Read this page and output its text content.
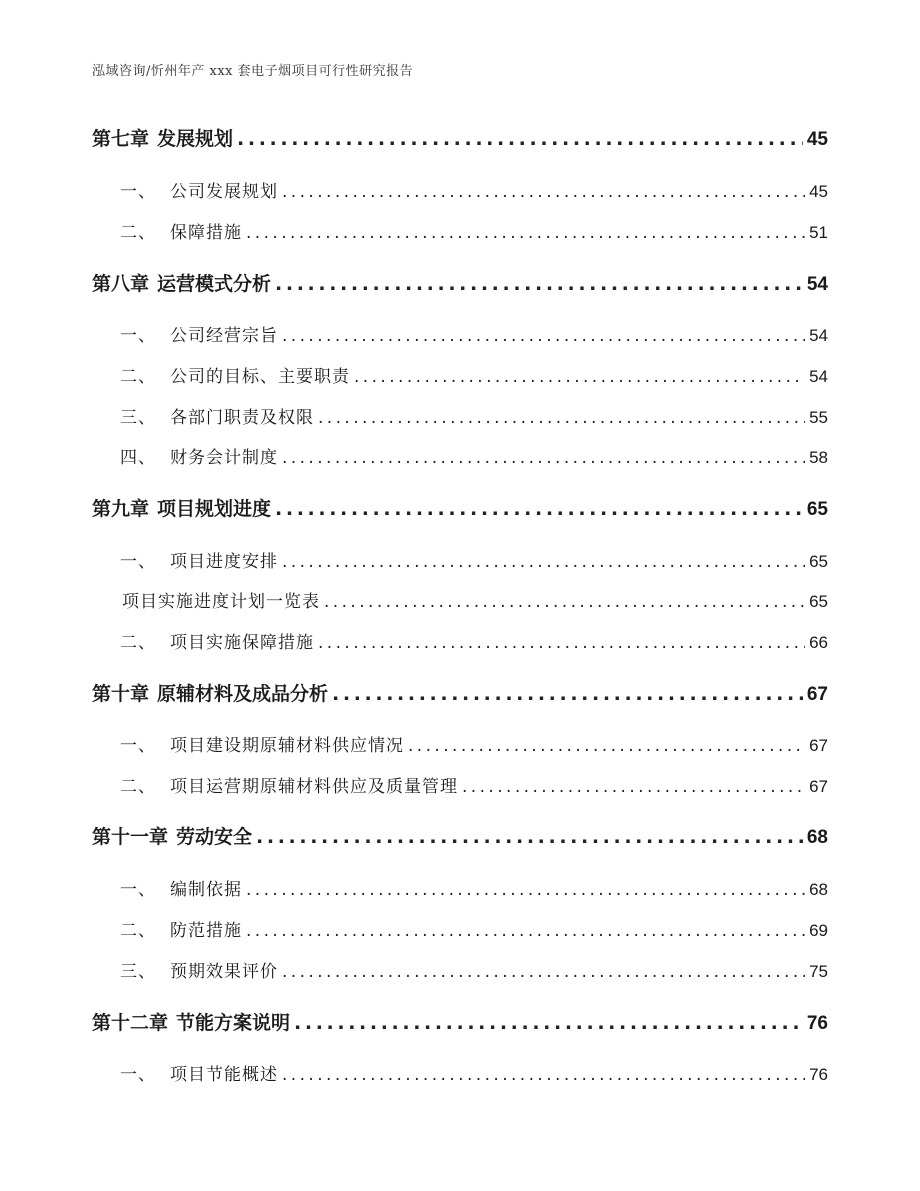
泓域咨询/忻州年产 xxx 套电子烟项目可行性研究报告
第七章 发展规划 . . .	45
一、 公司发展规划 . . .	45
二、 保障措施 . . .	51
第八章 运营模式分析 . . .	54
一、 公司经营宗旨 . . .	54
二、 公司的目标、主要职责 . . .	54
三、 各部门职责及权限 . . .	55
四、 财务会计制度 . . .	58
第九章 项目规划进度 . . .	65
一、 项目进度安排 . . .	65
项目实施进度计划一览表 . . .	65
二、 项目实施保障措施 . . .	66
第十章 原辅材料及成品分析 . . .	67
一、 项目建设期原辅材料供应情况 . . .	67
二、 项目运营期原辅材料供应及质量管理 . . .	67
第十一章 劳动安全 . . .	68
一、 编制依据 . . .	68
二、 防范措施 . . .	69
三、 预期效果评价 . . .	75
第十二章 节能方案说明 . . .	76
一、 项目节能概述 . . .	76
